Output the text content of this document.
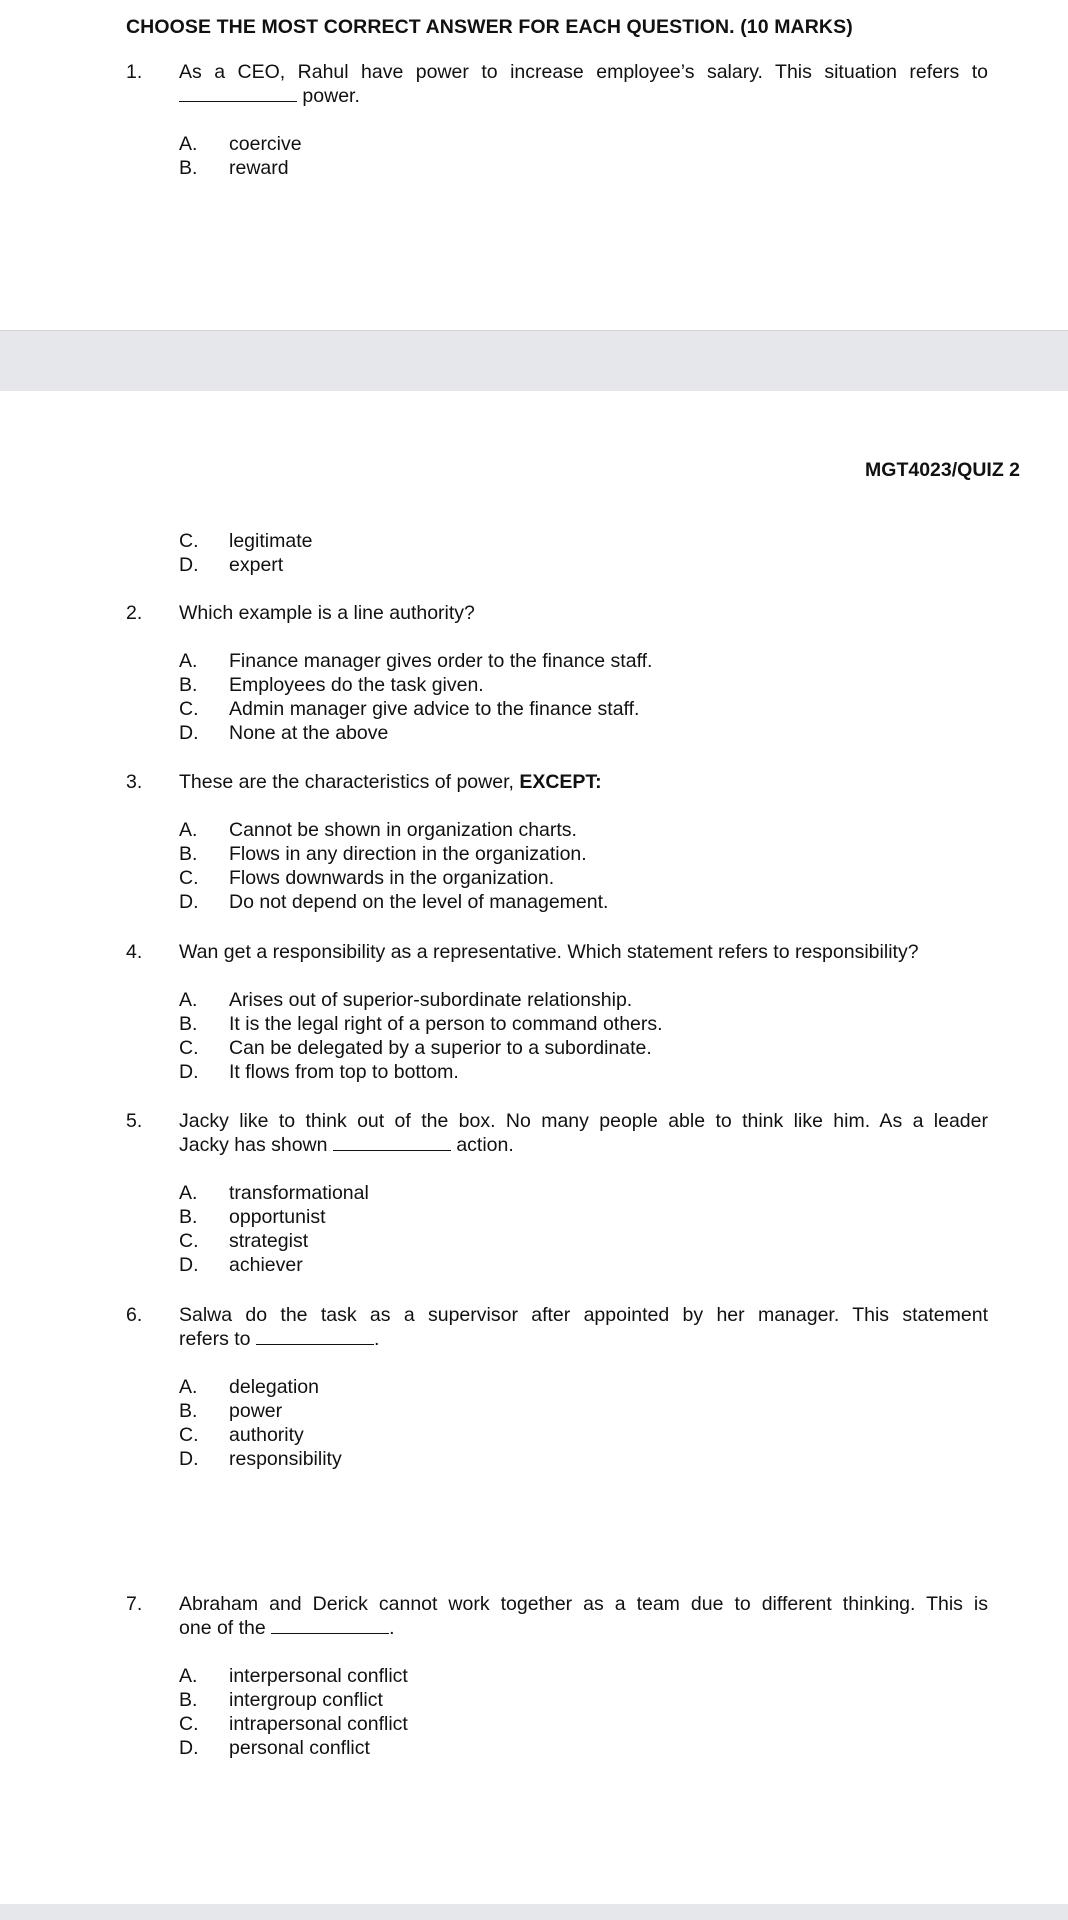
CHOOSE THE MOST CORRECT ANSWER FOR EACH QUESTION. (10 MARKS)
1. As a CEO, Rahul have power to increase employee’s salary. This situation refers to
power.
A. coercive
B. reward
MGT4023/QUIZ 2
C. legitimate
D. expert
2. Which example is a line authority?
A. Finance manager gives order to the finance staff.
B. Employees do the task given.
C. Admin manager give advice to the finance staff.
D. None at the above
3. These are the characteristics of power, EXCEPT:
A. Cannot be shown in organization charts.
B. Flows in any direction in the organization.
C. Flows downwards in the organization.
D. Do not depend on the level of management.
4. Wan get a responsibility as a representative. Which statement refers to responsibility?
A. Arises out of superior-subordinate relationship.
B. It is the legal right of a person to command others.
C. Can be delegated by a superior to a subordinate.
D. It flows from top to bottom.
5. Jacky like to think out of the box. No many people able to think like him. As a leader
Jacky has shown	action.
A. transformational
B. opportunist
C. strategist
D. achiever
6. Salwa do the task as a supervisor after appointed by her manager. This statement
refers to	.
A. delegation
B. power
C. authority
D. responsibility
7. Abraham and Derick cannot work together as a team due to different thinking. This is
one of the	.
A. interpersonal conflict
B. intergroup conflict
C. intrapersonal conflict
D. personal conflict
